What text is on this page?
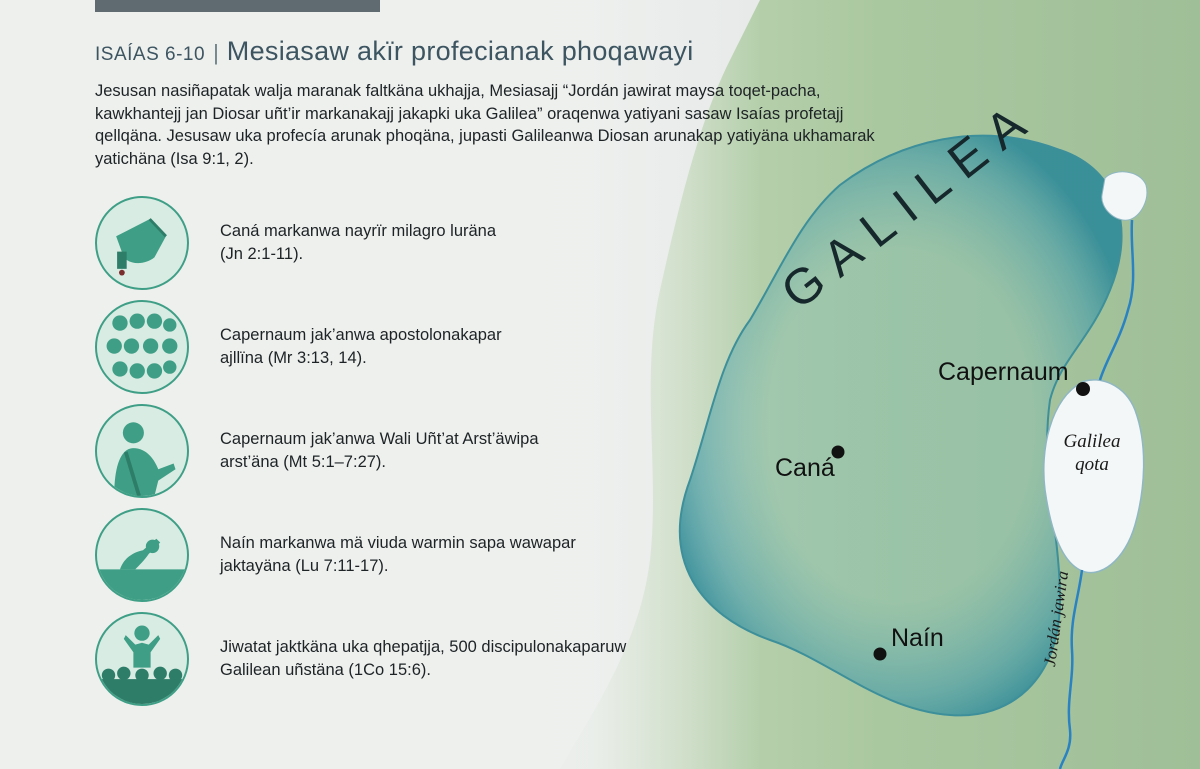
ISAÍAS 6-10 | Mesiasaw akïr profecianak phoqawayi

Jesusan nasiñapatak walja maranak faltkäna ukhajja, Mesiasajj “Jordán jawirat maysa toqet-pacha, kawkhantejj jan Diosar uñt’ir markanakajj jakapki uka Galilea” oraqenwa yatiyani sasaw Isaías profetajj qellqäna. Jesusaw uka profecía arunak phoqäna, jupasti Galileanwa Diosan arunakap yatiyäna ukhamarak yatichäna (Isa 9:1, 2).

Caná markanwa nayrïr milagro luräna
(Jn 2:1-11).
Capernaum jak’anwa apostolonakapar
ajllïna (Mr 3:13, 14).
Capernaum jak’anwa Wali Uñt’at Arst’äwipa
arst’äna (Mt 5:1–7:27).
Naín markanwa mä viuda warmin sapa wawapar
jaktayäna (Lu 7:11-17).
Jiwatat jaktkäna uka qhepatjja, 500 discipulonakaparuw
Galilean uñstäna (1Co 15:6).
GALILEA
Capernaum
Caná
Naín
Galilea
qota
Jordán jawira
